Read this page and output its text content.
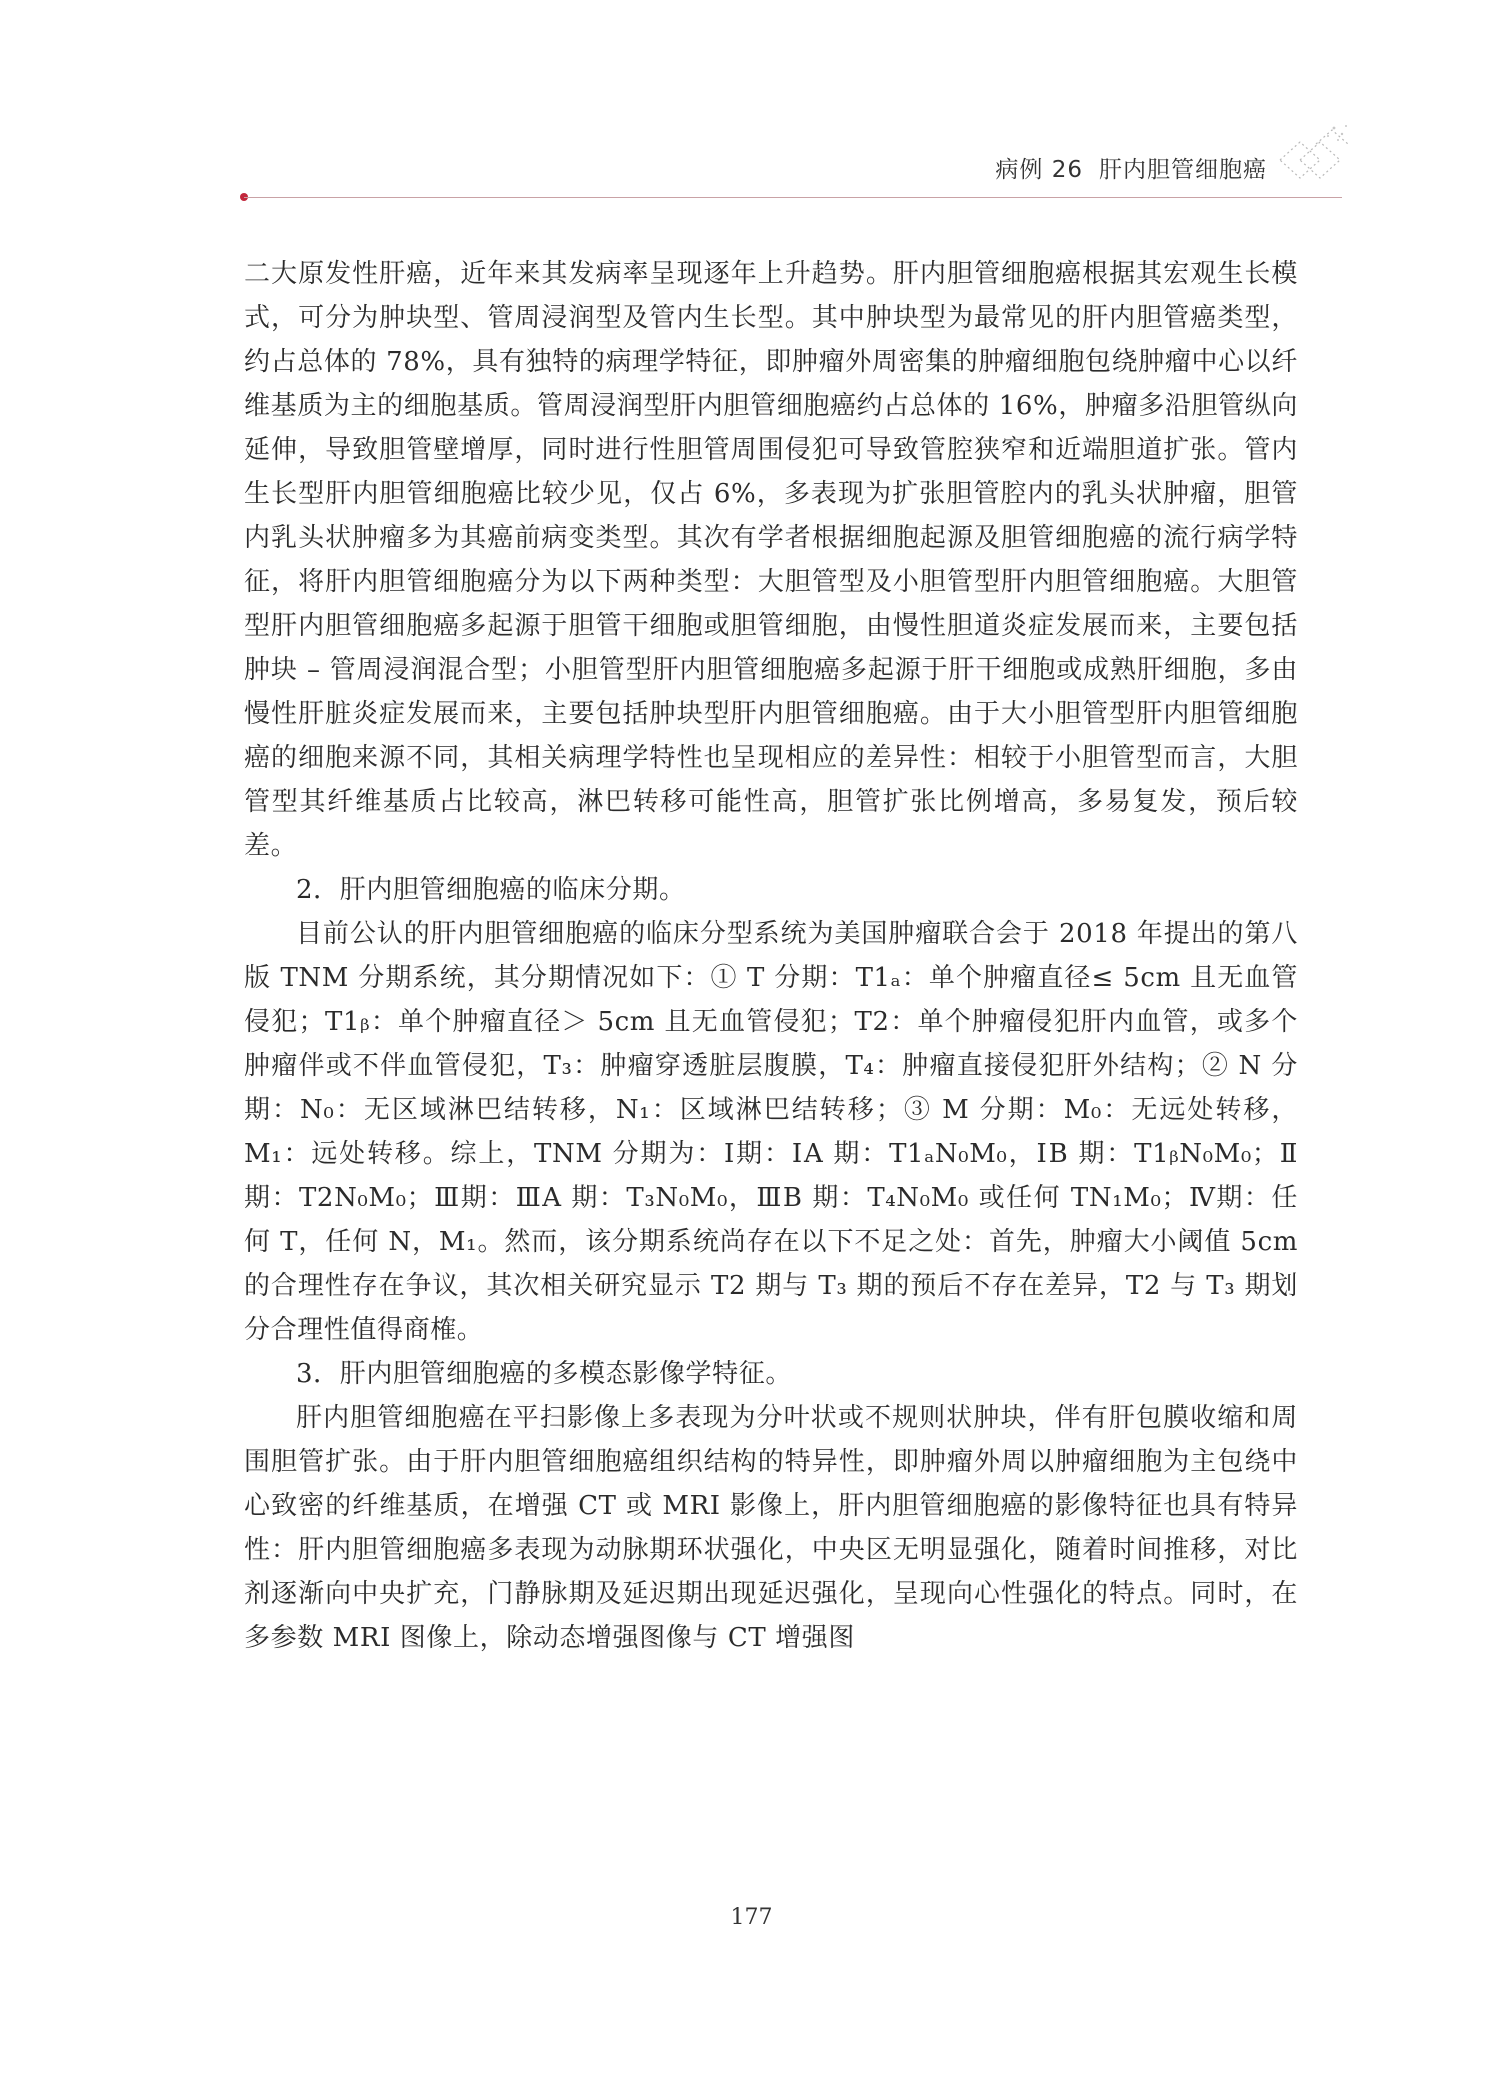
病例 26 肝内胆管细胞癌

二大原发性肝癌，近年来其发病率呈现逐年上升趋势。肝内胆管细胞癌根据其宏观生长模式，可分为肿块型、管周浸润型及管内生长型。其中肿块型为最常见的肝内胆管癌类型，约占总体的 78%，具有独特的病理学特征，即肿瘤外周密集的肿瘤细胞包绕肿瘤中心以纤维基质为主的细胞基质。管周浸润型肝内胆管细胞癌约占总体的 16%，肿瘤多沿胆管纵向延伸，导致胆管壁增厚，同时进行性胆管周围侵犯可导致管腔狭窄和近端胆道扩张。管内生长型肝内胆管细胞癌比较少见，仅占 6%，多表现为扩张胆管腔内的乳头状肿瘤，胆管内乳头状肿瘤多为其癌前病变类型。其次有学者根据细胞起源及胆管细胞癌的流行病学特征，将肝内胆管细胞癌分为以下两种类型：大胆管型及小胆管型肝内胆管细胞癌。大胆管型肝内胆管细胞癌多起源于胆管干细胞或胆管细胞，由慢性胆道炎症发展而来，主要包括肿块 – 管周浸润混合型；小胆管型肝内胆管细胞癌多起源于肝干细胞或成熟肝细胞，多由慢性肝脏炎症发展而来，主要包括肿块型肝内胆管细胞癌。由于大小胆管型肝内胆管细胞癌的细胞来源不同，其相关病理学特性也呈现相应的差异性：相较于小胆管型而言，大胆管型其纤维基质占比较高，淋巴转移可能性高，胆管扩张比例增高，多易复发，预后较差。

2．肝内胆管细胞癌的临床分期。

目前公认的肝内胆管细胞癌的临床分型系统为美国肿瘤联合会于 2018 年提出的第八版 TNM 分期系统，其分期情况如下：① T 分期：T1ₐ：单个肿瘤直径≤ 5cm 且无血管侵犯；T1ᵦ：单个肿瘤直径＞ 5cm 且无血管侵犯；T2：单个肿瘤侵犯肝内血管，或多个肿瘤伴或不伴血管侵犯，T₃：肿瘤穿透脏层腹膜，T₄：肿瘤直接侵犯肝外结构；② N 分期：N₀：无区域淋巴结转移，N₁：区域淋巴结转移；③ M 分期：M₀：无远处转移，M₁：远处转移。综上，TNM 分期为：Ⅰ期：ⅠA 期：T1ₐN₀M₀，ⅠB 期：T1ᵦN₀M₀；Ⅱ期：T2N₀M₀；Ⅲ期：ⅢA 期：T₃N₀M₀，ⅢB 期：T₄N₀M₀ 或任何 TN₁M₀；Ⅳ期：任何 T，任何 N，M₁。然而，该分期系统尚存在以下不足之处：首先，肿瘤大小阈值 5cm 的合理性存在争议，其次相关研究显示 T2 期与 T₃ 期的预后不存在差异，T2 与 T₃ 期划分合理性值得商榷。

3．肝内胆管细胞癌的多模态影像学特征。

肝内胆管细胞癌在平扫影像上多表现为分叶状或不规则状肿块，伴有肝包膜收缩和周围胆管扩张。由于肝内胆管细胞癌组织结构的特异性，即肿瘤外周以肿瘤细胞为主包绕中心致密的纤维基质，在增强 CT 或 MRI 影像上，肝内胆管细胞癌的影像特征也具有特异性：肝内胆管细胞癌多表现为动脉期环状强化，中央区无明显强化，随着时间推移，对比剂逐渐向中央扩充，门静脉期及延迟期出现延迟强化，呈现向心性强化的特点。同时，在多参数 MRI 图像上，除动态增强图像与 CT 增强图

177
